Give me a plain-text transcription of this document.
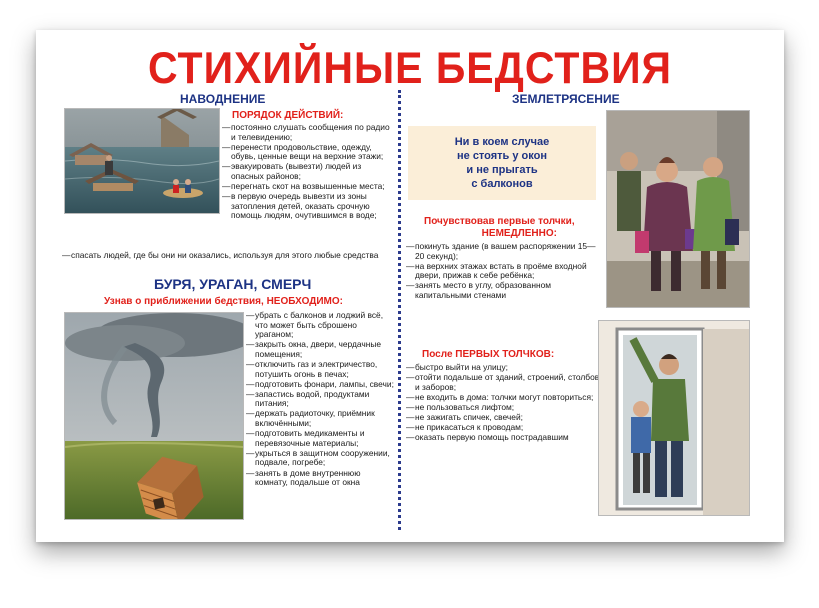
СТИХИЙНЫЕ БЕДСТВИЯ
НАВОДНЕНИЕ
ПОРЯДОК ДЕЙСТВИЙ:
— постоянно слушать сообщения по радио и телевидению;
— перенести продовольствие, одежду, обувь, ценные вещи на верхние этажи;
— эвакуировать (вывезти) людей из опасных районов;
— перегнать скот на возвышенные места;
— в первую очередь вывезти из зоны затопления детей, оказать срочную помощь людям, очутившимся в воде;
— спасать людей, где бы они ни оказались, используя для этого любые средства
БУРЯ, УРАГАН, СМЕРЧ
Узнав о приближении бедствия, НЕОБХОДИМО:
— убрать с балконов и лоджий всё, что может быть сброшено ураганом;
— закрыть окна, двери, чердачные помещения;
— отключить газ и электричество, потушить огонь в печах;
— подготовить фонари, лампы, свечи;
— запастись водой, продуктами питания;
— держать радиоточку, приёмник включёнными;
— подготовить медикаменты и перевязочные материалы;
— укрыться в защитном сооружении, подвале, погребе;
— занять в доме внутреннюю комнату, подальше от окна
ЗЕМЛЕТРЯСЕНИЕ
Ни в коем случае
не стоять у окон
и не прыгать
с балконов
Почувствовав первые толчки,
НЕМЕДЛЕННО:
— покинуть здание (в вашем распоряжении 15—20 секунд);
— на верхних этажах встать в проёме входной двери, прижав к себе ребёнка;
— занять место в углу, образованном капитальными стенами
После ПЕРВЫХ ТОЛЧКОВ:
— быстро выйти на улицу;
— отойти подальше от зданий, строений, столбов и заборов;
— не входить в дома: толчки могут повториться;
— не пользоваться лифтом;
— не зажигать спичек, свечей;
— не прикасаться к проводам;
— оказать первую помощь пострадавшим
